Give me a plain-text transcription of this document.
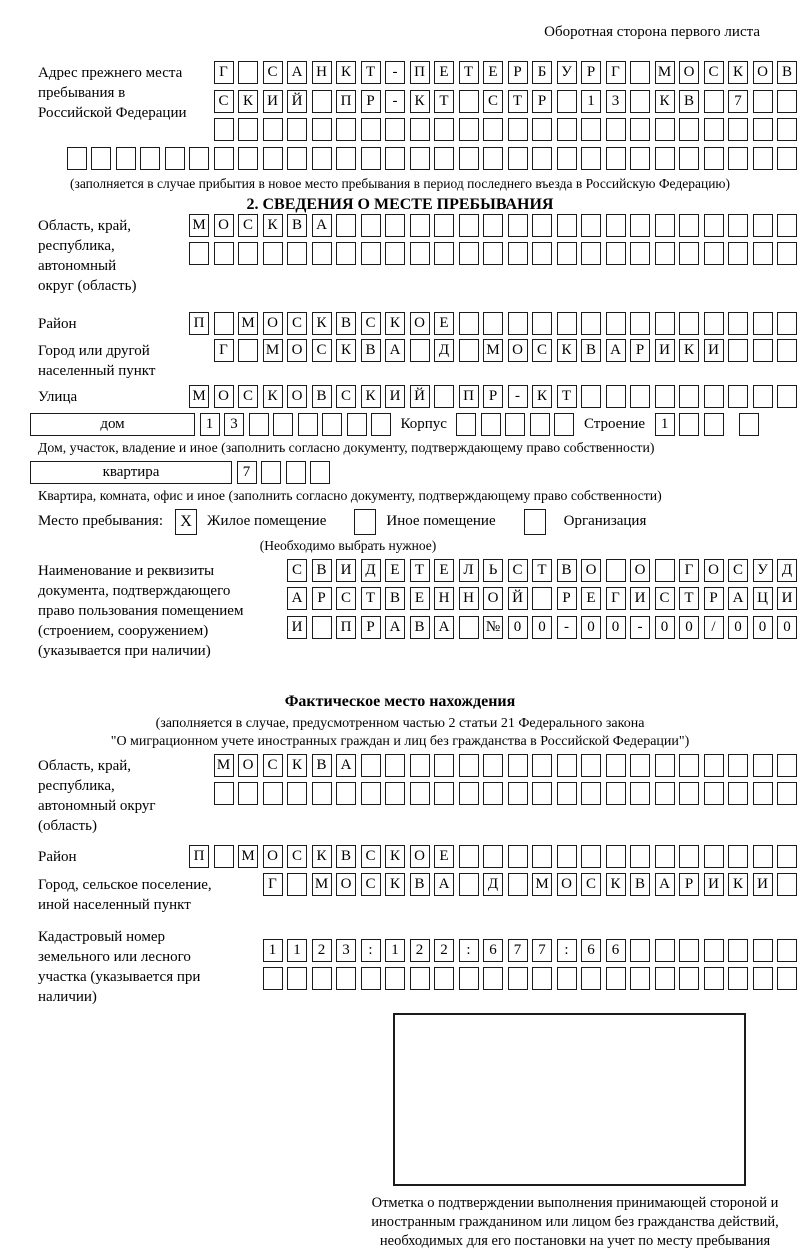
Оборотная сторона первого листа
Адрес прежнего места пребывания в Российской Федерации
Г	С А Н К Т	-	П Е	Т	Е	Р	Б У	Р	Г	М О С К О В
С К И Й	П Р	-	К Т	С Т	Р	1	3	К В	7
(заполняется в случае прибытия в новое место пребывания в период последнего въезда в Российскую Федерацию)
2. СВЕДЕНИЯ О МЕСТЕ ПРЕБЫВАНИЯ
Область, край, республика, автономный округ (область)
М О С К В А
Район	П	М О С К В С К О Е
Город или другой населенный пункт
Г	М О С К В А	Д	М О С К В А Р И К И
Улица	М О С К О В С К И Й	П Р	-	К Т
дом	1	3	Корпус	Строение	1
Дом, участок, владение и иное (заполнить согласно документу, подтверждающему право собственности)
квартира	7
Квартира, комната, офис и иное (заполнить согласно документу, подтверждающему право собственности)
Место пребывания:	X	Жилое помещение	Иное помещение	Организация
(Необходимо выбрать нужное)
Наименование и реквизиты документа, подтверждающего право пользования помещением (строением, сооружением) (указывается при наличии)
С В И Д Е	Т	Е Л	Ь	С Т В О	О	Г О С У Д
А Р	С Т В Е Н Н О Й	Р	Е	Г И С Т	Р А Ц И
И	П Р А В А	№ 0	0	-	0	0	-	0	0	/	0	0	0
Фактическое место нахождения
(заполняется в случае, предусмотренном частью 2 статьи 21 Федерального закона
"О миграционном учете иностранных граждан и лиц без гражданства в Российской Федерации")
Область, край, республика, автономный округ (область)
М О С К В А
Район	П	М О С К В С К О Е
Город, сельское поселение, иной населенный пункт
Г	М О С К В А	Д	М О С К В А Р И К И
Кадастровый номер земельного или лесного участка (указывается при наличии)
1	1	2	3	:	1	2	2	:	6	7	7	:	6	6
Отметка о подтверждении выполнения принимающей стороной и иностранным гражданином или лицом без гражданства действий, необходимых для его постановки на учет по месту пребывания
